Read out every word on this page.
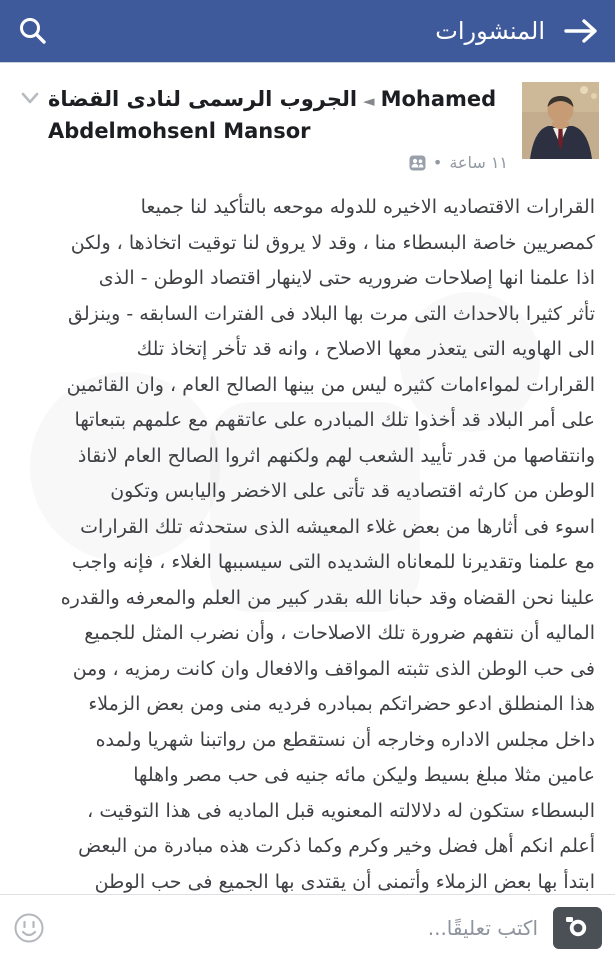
المنشورات
الجروب الرسمى لنادى القضاة ◄ Mohamed Abdelmohsenl Mansor
١١ ساعة
•
القرارات الاقتصاديه الاخيره للدوله موحعه بالتأكيد لنا جميعا
كمصريين خاصة البسطاء منا ، وقد لا يروق لنا توقيت اتخاذها ، ولكن
اذا علمنا انها إصلاحات ضروريه حتى لاينهار اقتصاد الوطن - الذى
تأثر كثيرا بالاحداث التى مرت بها البلاد فى الفترات السابقه - وينزلق
الى الهاويه التى يتعذر معها الاصلاح ، وانه قد تأخر إتخاذ تلك
القرارات لمواءامات كثيره ليس من بينها الصالح العام ، وان القائمين
على أمر البلاد قد أخذوا تلك المبادره على عاتقهم مع علمهم بتبعاتها
وانتقاصها من قدر تأييد الشعب لهم ولكنهم اثروا الصالح العام لانقاذ
الوطن من كارثه اقتصاديه قد تأتى على الاخضر واليابس وتكون
اسوء فى أثارها من بعض غلاء المعيشه الذى ستحدثه تلك القرارات
مع علمنا وتقديرنا للمعاناه الشديده التى سيسببها الغلاء ، فإنه واجب
علينا نحن القضاه وقد حبانا الله بقدر كبير من العلم والمعرفه والقدره
الماليه أن نتفهم ضرورة تلك الاصلاحات ، وأن نضرب المثل للجميع
فى حب الوطن الذى تثبته المواقف والافعال وان كانت رمزيه ، ومن
هذا المنطلق ادعو حضراتكم بمبادره فرديه منى ومن بعض الزملاء
داخل مجلس الاداره وخارجه أن نستقطع من رواتبنا شهريا ولمده
عامين مثلا مبلغ بسيط وليكن مائه جنيه فى حب مصر واهلها
البسطاء ستكون له دلالالته المعنويه قبل الماديه فى هذا التوقيت ،
أعلم انكم أهل فضل وخير وكرم وكما ذكرت هذه مبادرة من البعض
ابتدأ بها بعض الزملاء وأتمنى أن يقتدى بها الجميع فى حب الوطن
اكتب تعليقًا...
